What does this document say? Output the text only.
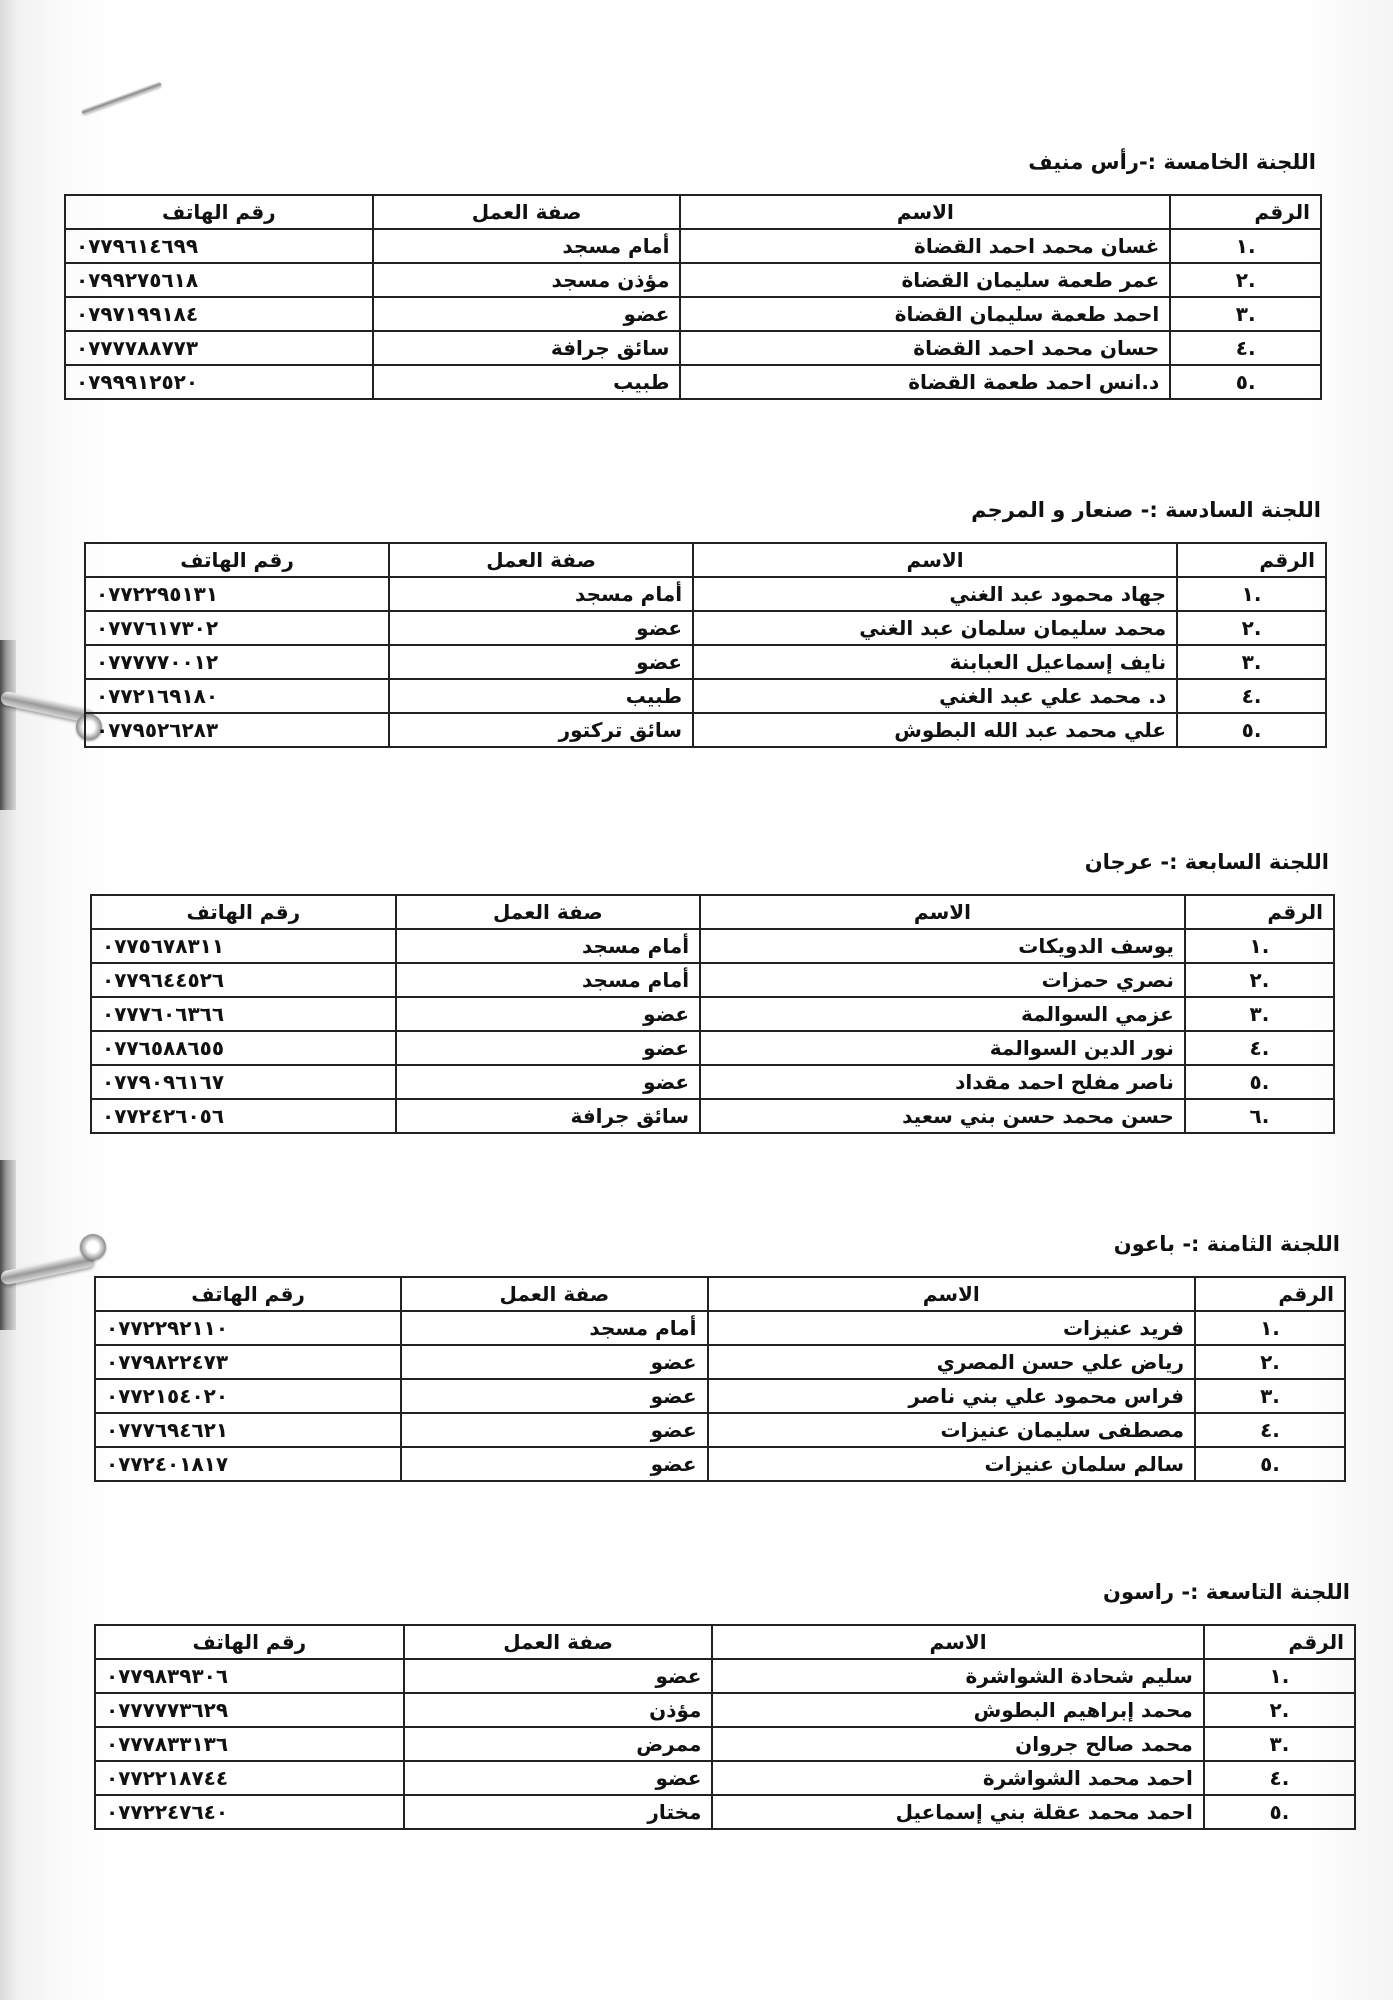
اللجنة الخامسة :-رأس منيف
الرقم	الاسم	صفة العمل	رقم الهاتف
.١	غسان محمد احمد القضاة	أمام مسجد	٠٧٧٩٦١٤٦٩٩
.٢	عمر طعمة سليمان القضاة	مؤذن مسجد	٠٧٩٩٢٧٥٦١٨
.٣	احمد طعمة سليمان القضاة	عضو	٠٧٩٧١٩٩١٨٤
.٤	حسان محمد احمد القضاة	سائق جرافة	٠٧٧٧٧٨٨٧٧٣
.٥	د.انس احمد طعمة القضاة	طبيب	٠٧٩٩٩١٢٥٢٠
اللجنة السادسة :- صنعار و المرجم
الرقم	الاسم	صفة العمل	رقم الهاتف
.١	جهاد محمود عبد الغني	أمام مسجد	٠٧٧٢٢٩٥١٣١
.٢	محمد سليمان سلمان عبد الغني	عضو	٠٧٧٧٦١٧٣٠٢
.٣	نايف إسماعيل العبابنة	عضو	٠٧٧٧٧٧٠٠١٢
.٤	د. محمد علي عبد الغني	طبيب	٠٧٧٢١٦٩١٨٠
.٥	علي محمد عبد الله البطوش	سائق تركتور	٠٧٧٩٥٢٦٢٨٣
اللجنة السابعة :- عرجان
الرقم	الاسم	صفة العمل	رقم الهاتف
.١	يوسف الدويكات	أمام مسجد	٠٧٧٥٦٧٨٣١١
.٢	نصري حمزات	أمام مسجد	٠٧٧٩٦٤٤٥٢٦
.٣	عزمي السوالمة	عضو	٠٧٧٧٦٠٦٣٦٦
.٤	نور الدين السوالمة	عضو	٠٧٧٦٥٨٨٦٥٥
.٥	ناصر مفلح احمد مقداد	عضو	٠٧٧٩٠٩٦١٦٧
.٦	حسن محمد حسن بني سعيد	سائق جرافة	٠٧٧٢٤٢٦٠٥٦
اللجنة الثامنة :- باعون
الرقم	الاسم	صفة العمل	رقم الهاتف
.١	فريد عنيزات	أمام مسجد	٠٧٧٢٢٩٢١١٠
.٢	رياض علي حسن المصري	عضو	٠٧٧٩٨٢٢٤٧٣
.٣	فراس محمود علي بني ناصر	عضو	٠٧٧٢١٥٤٠٢٠
.٤	مصطفى سليمان عنيزات	عضو	٠٧٧٧٦٩٤٦٢١
.٥	سالم سلمان عنيزات	عضو	٠٧٧٢٤٠١٨١٧
اللجنة التاسعة :- راسون
الرقم	الاسم	صفة العمل	رقم الهاتف
.١	سليم شحادة الشواشرة	عضو	٠٧٧٩٨٣٩٣٠٦
.٢	محمد إبراهيم البطوش	مؤذن	٠٧٧٧٧٧٣٦٢٩
.٣	محمد صالح جروان	ممرض	٠٧٧٧٨٣٣١٣٦
.٤	احمد محمد الشواشرة	عضو	٠٧٧٢٢١٨٧٤٤
.٥	احمد محمد عقلة بني إسماعيل	مختار	٠٧٧٢٢٤٧٦٤٠
